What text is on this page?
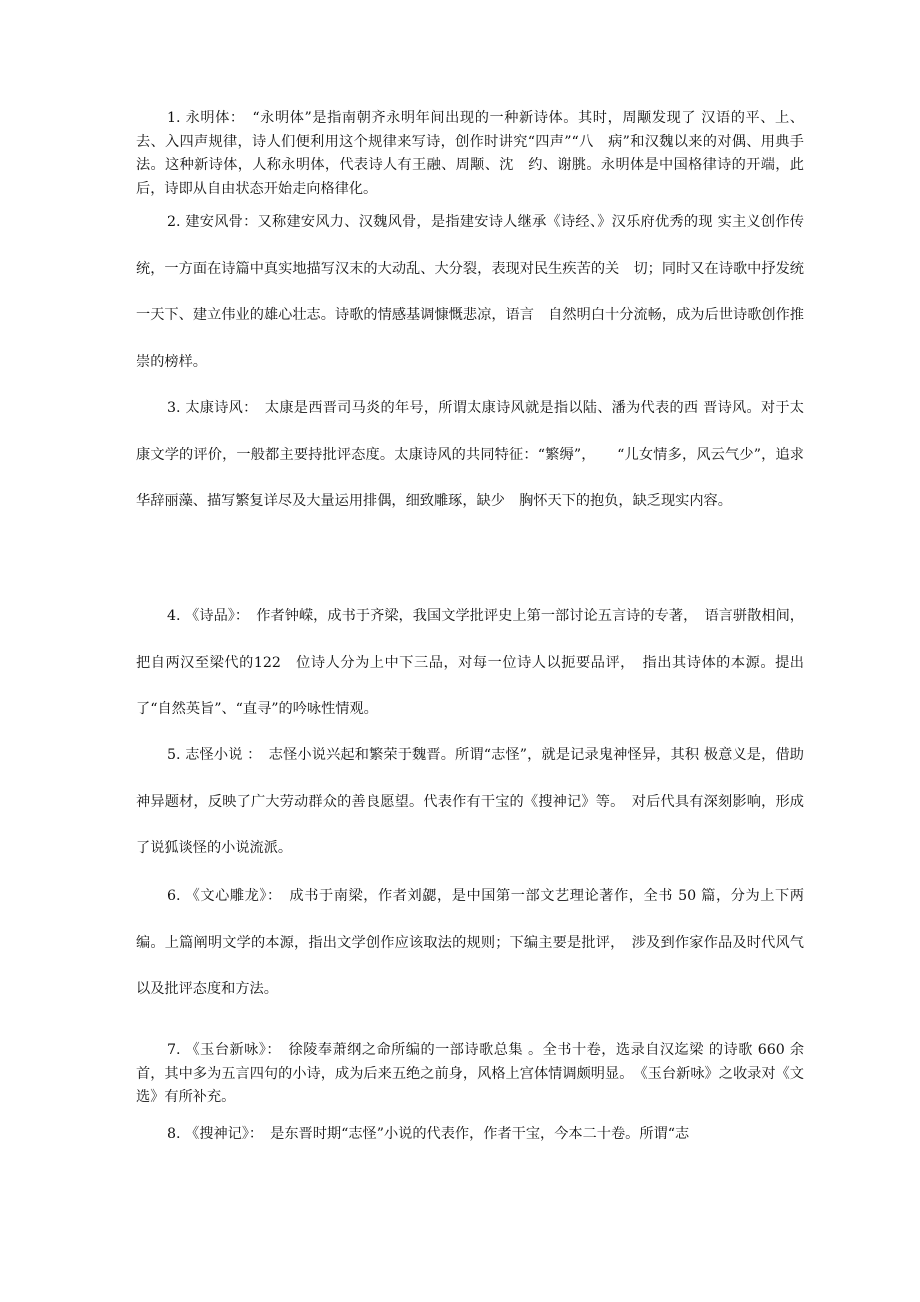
1. 永明体：　“永明体”是指南朝齐永明年间出现的一种新诗体。其时，周颙发现了 汉语的平、上、去、入四声规律，诗人们便利用这个规律来写诗，创作时讲究“四声”“八　病”和汉魏以来的对偶、用典手法。这种新诗体，人称永明体，代表诗人有王融、周颙、沈　约、谢朓。永明体是中国格律诗的开端，此后，诗即从自由状态开始走向格律化。

2. 建安风骨：又称建安风力、汉魏风骨，是指建安诗人继承《诗经、》汉乐府优秀的现 实主义创作传统，一方面在诗篇中真实地描写汉末的大动乱、大分裂，表现对民生疾苦的关　切；同时又在诗歌中抒发统一天下、建立伟业的雄心壮志。诗歌的情感基调慷慨悲凉，语言　自然明白十分流畅，成为后世诗歌创作推崇的榜样。

3. 太康诗风：　太康是西晋司马炎的年号，所谓太康诗风就是指以陆、潘为代表的西 晋诗风。对于太康文学的评价，一般都主要持批评态度。太康诗风的共同特征：“繁缛”，　　“儿女情多，风云气少”，追求华辞丽藻、描写繁复详尽及大量运用排偶，细致雕琢，缺少　胸怀天下的抱负，缺乏现实内容。

4. 《诗品》：　作者钟嵘，成书于齐梁，我国文学批评史上第一部讨论五言诗的专著，　语言骈散相间，把自两汉至梁代的122　位诗人分为上中下三品，对每一位诗人以扼要品评，　指出其诗体的本源。提出了“自然英旨”、“直寻”的吟咏性情观。

5. 志怪小说 ：　志怪小说兴起和繁荣于魏晋。所谓“志怪”，就是记录鬼神怪异，其积 极意义是，借助神异题材，反映了广大劳动群众的善良愿望。代表作有干宝的《搜神记》等。　对后代具有深刻影响，形成了说狐谈怪的小说流派。

6. 《文心雕龙》：　成书于南梁，作者刘勰，是中国第一部文艺理论著作，全书 50 篇，分为上下两编。上篇阐明文学的本源，指出文学创作应该取法的规则；下编主要是批评，　涉及到作家作品及时代风气以及批评态度和方法。

7. 《玉台新咏》：　徐陵奉萧纲之命所编的一部诗歌总集 。全书十卷，选录自汉迄梁 的诗歌 660 余首，其中多为五言四句的小诗，成为后来五绝之前身，风格上宫体情调颇明显。　《玉台新咏》之收录对《文选》有所补充。

8. 《搜神记》：　是东晋时期“志怪”小说的代表作，作者干宝，今本二十卷。所谓“志
